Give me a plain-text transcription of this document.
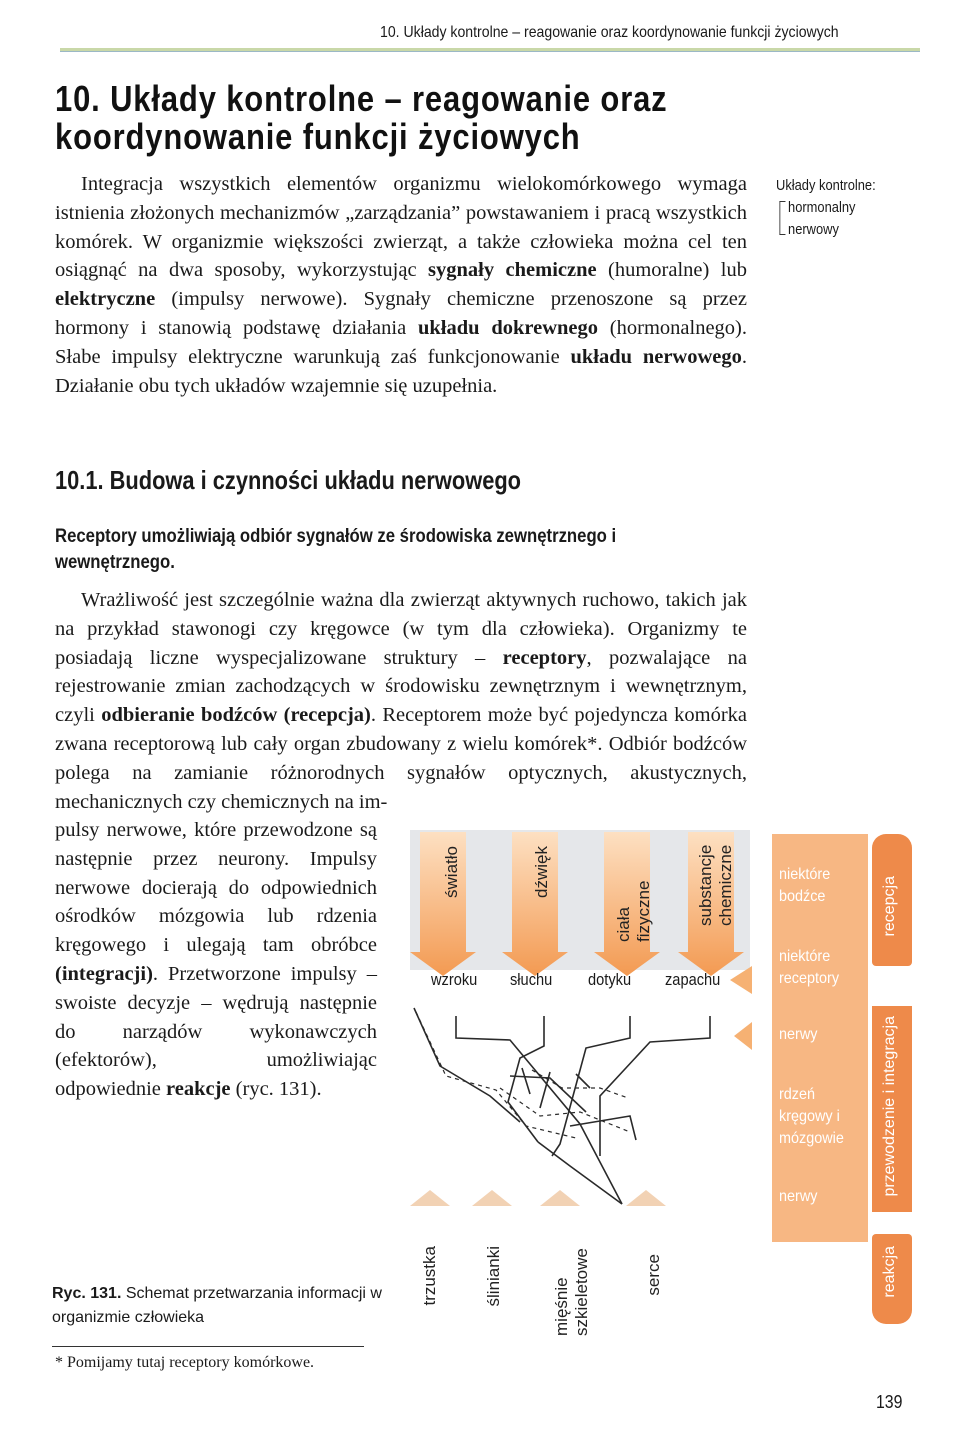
10. Układy kontrolne – reagowanie oraz koordynowanie funkcji życiowych
10. Układy kontrolne – reagowanie oraz
koordynowanie funkcji życiowych

Integracja wszystkich elementów organizmu wielokomórkowego wymaga istnienia złożonych mechanizmów „zarządzania” powstawaniem i pracą wszystkich komórek. W organizmie większości zwierząt, a także człowieka można cel ten osiągnąć na dwa sposoby, wykorzystując sygnały chemiczne (humoralne) lub elektryczne (impulsy nerwowe). Sygnały chemiczne przenoszone są przez hormony i stanowią podstawę działania układu dokrewnego (hormonalnego). Słabe impulsy elektryczne warunkują zaś funkcjonowanie układu nerwowego. Działanie obu tych układów wzajemnie się uzupełnia.

Układy kontrolne:
hormonalny
nerwowy
10.1. Budowa i czynności układu nerwowego
Receptory umożliwiają odbiór sygnałów ze środowiska zewnętrznego i wewnętrznego.

Wrażliwość jest szczególnie ważna dla zwierząt aktywnych ruchowo, takich jak na przykład stawonogi czy kręgowce (w tym dla człowieka). Organizmy te posiadają liczne wyspecjalizowane struktury – receptory, pozwalające na rejestrowanie zmian zachodzących w środowisku zewnętrznym i wewnętrznym, czyli odbieranie bodźców (recepcja). Receptorem może być pojedyncza komórka zwana receptorową lub cały organ zbudowany z wielu komórek*. Odbiór bodźców polega na zamianie różnorodnych sygnałów optycznych, akustycznych, mechanicznych czy chemicznych na im-

pulsy nerwowe, które przewodzone są następnie przez neurony. Impulsy nerwowe docierają do odpowiednich ośrodków mózgowia lub rdzenia kręgowego i ulegają tam obróbce (integracji). Przetworzone impulsy – swoiste decyzje – wędrują następnie do narządów wykonawczych (efektorów), umożliwiając odpowiednie reakcje (ryc. 131).

światło	dźwięk
ciała fizyczne	substancje chemiczne
wzroku słuchu dotyku zapachu
trzustka	ślinianki
mięśnie szkieletowe	serce
niektóre bodźce
niektóre receptory
nerwy
rdzeń kręgowy i mózgowie
nerwy
mięśnie lub gruczoły
recepcja
przewodzenie i integracja
reakcja
Ryc. 131. Schemat przetwarzania informacji w organizmie człowieka
* Pomijamy tutaj receptory komórkowe.
139
